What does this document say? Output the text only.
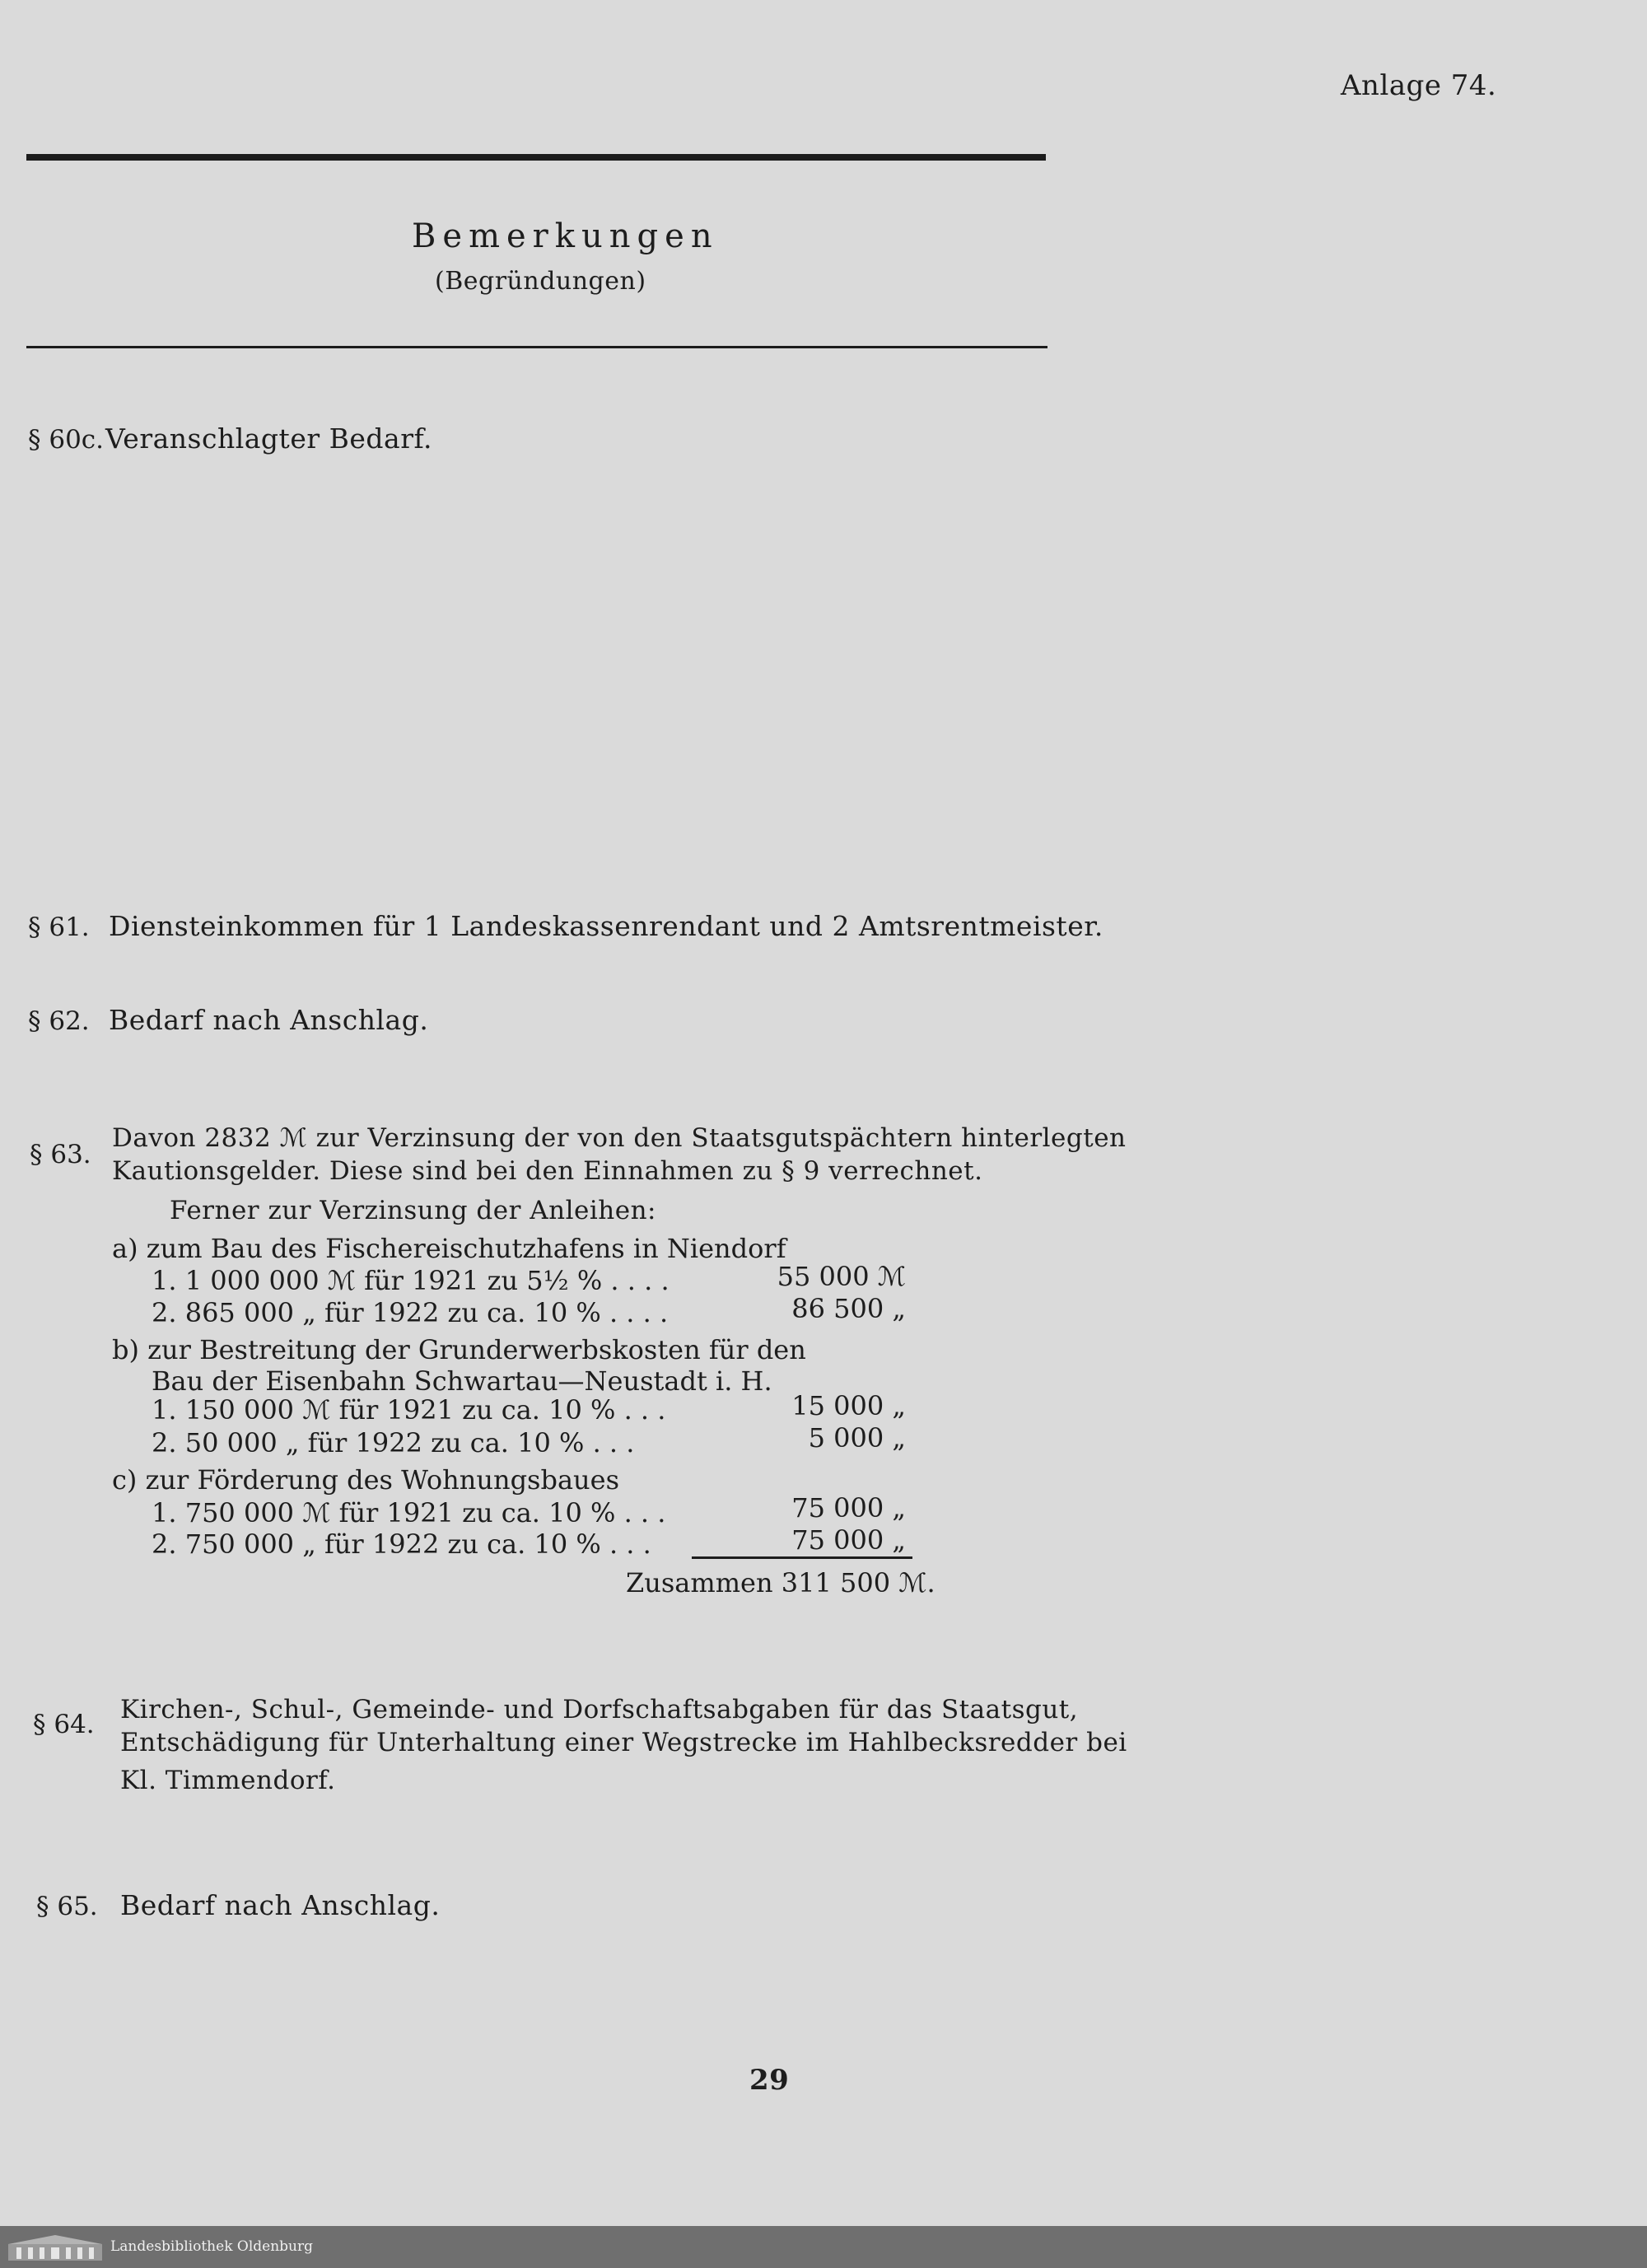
Anlage 74.
Bemerkungen
(Begründungen)
§ 60c. Veranschlagter Bedarf.
§ 61. Diensteinkommen für 1 Landeskassenrendant und 2 Amtsrentmeister.
§ 62. Bedarf nach Anschlag.
§ 63.
Davon 2832 ℳ zur Verzinsung der von den Staatsgutspächtern hinterlegten
Kautionsgelder. Diese sind bei den Einnahmen zu § 9 verrechnet.
Ferner zur Verzinsung der Anleihen:
a) zum Bau des Fischereischutzhafens in Niendorf
1. 1 000 000 ℳ für 1921 zu 5½ % . . . .	55 000 ℳ
2. 865 000 „ für 1922 zu ca. 10 % . . . .	86 500 „
b) zur Bestreitung der Grunderwerbskosten für den
Bau der Eisenbahn Schwartau—Neustadt i. H.
1. 150 000 ℳ für 1921 zu ca. 10 % . . .	15 000 „
2. 50 000 „ für 1922 zu ca. 10 % . . .	5 000 „
c) zur Förderung des Wohnungsbaues
1. 750 000 ℳ für 1921 zu ca. 10 % . . .	75 000 „
2. 750 000 „ für 1922 zu ca. 10 % . . .	75 000 „
Zusammen 311 500 ℳ.
§ 64. Kirchen-, Schul-, Gemeinde- und Dorfschaftsabgaben für das Staatsgut,
Entschädigung für Unterhaltung einer Wegstrecke im Hahlbecksredder bei
Kl. Timmendorf.
§ 65. Bedarf nach Anschlag.
29
Landesbibliothek Oldenburg
